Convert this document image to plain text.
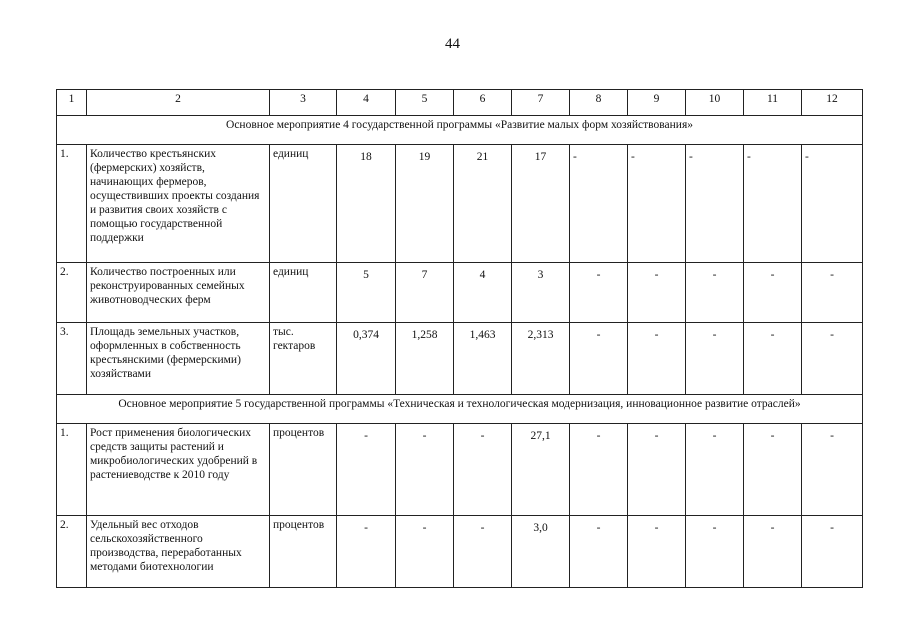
44
1	2	3	4	5	6	7	8	9	10	11	12
Основное мероприятие 4 государственной программы «Развитие малых форм хозяйствования»											
1.	Количество крестьянских (фермерских) хозяйств, начинающих фермеров, осуществивших проекты создания и развития своих хозяйств с помощью государственной поддержки	единиц	18	19	21	17	-	-	-	-	-
2.	Количество построенных или реконструированных семейных животноводческих ферм	единиц	5	7	4	3	-	-	-	-	-
3.	Площадь земельных участков, оформленных в собственность крестьянскими (фермерскими) хозяйствами	тыс. гектаров	0,374	1,258	1,463	2,313	-	-	-	-	-
Основное мероприятие 5 государственной программы «Техническая и технологическая модернизация, инновационное развитие отраслей»											
1.	Рост применения биологических средств защиты растений и микробиологических удобрений в растениеводстве к 2010 году	процентов	-	-	-	27,1	-	-	-	-	-
2.	Удельный вес отходов сельскохозяйственного производства, переработанных методами биотехнологии	процентов	-	-	-	3,0	-	-	-	-	-
